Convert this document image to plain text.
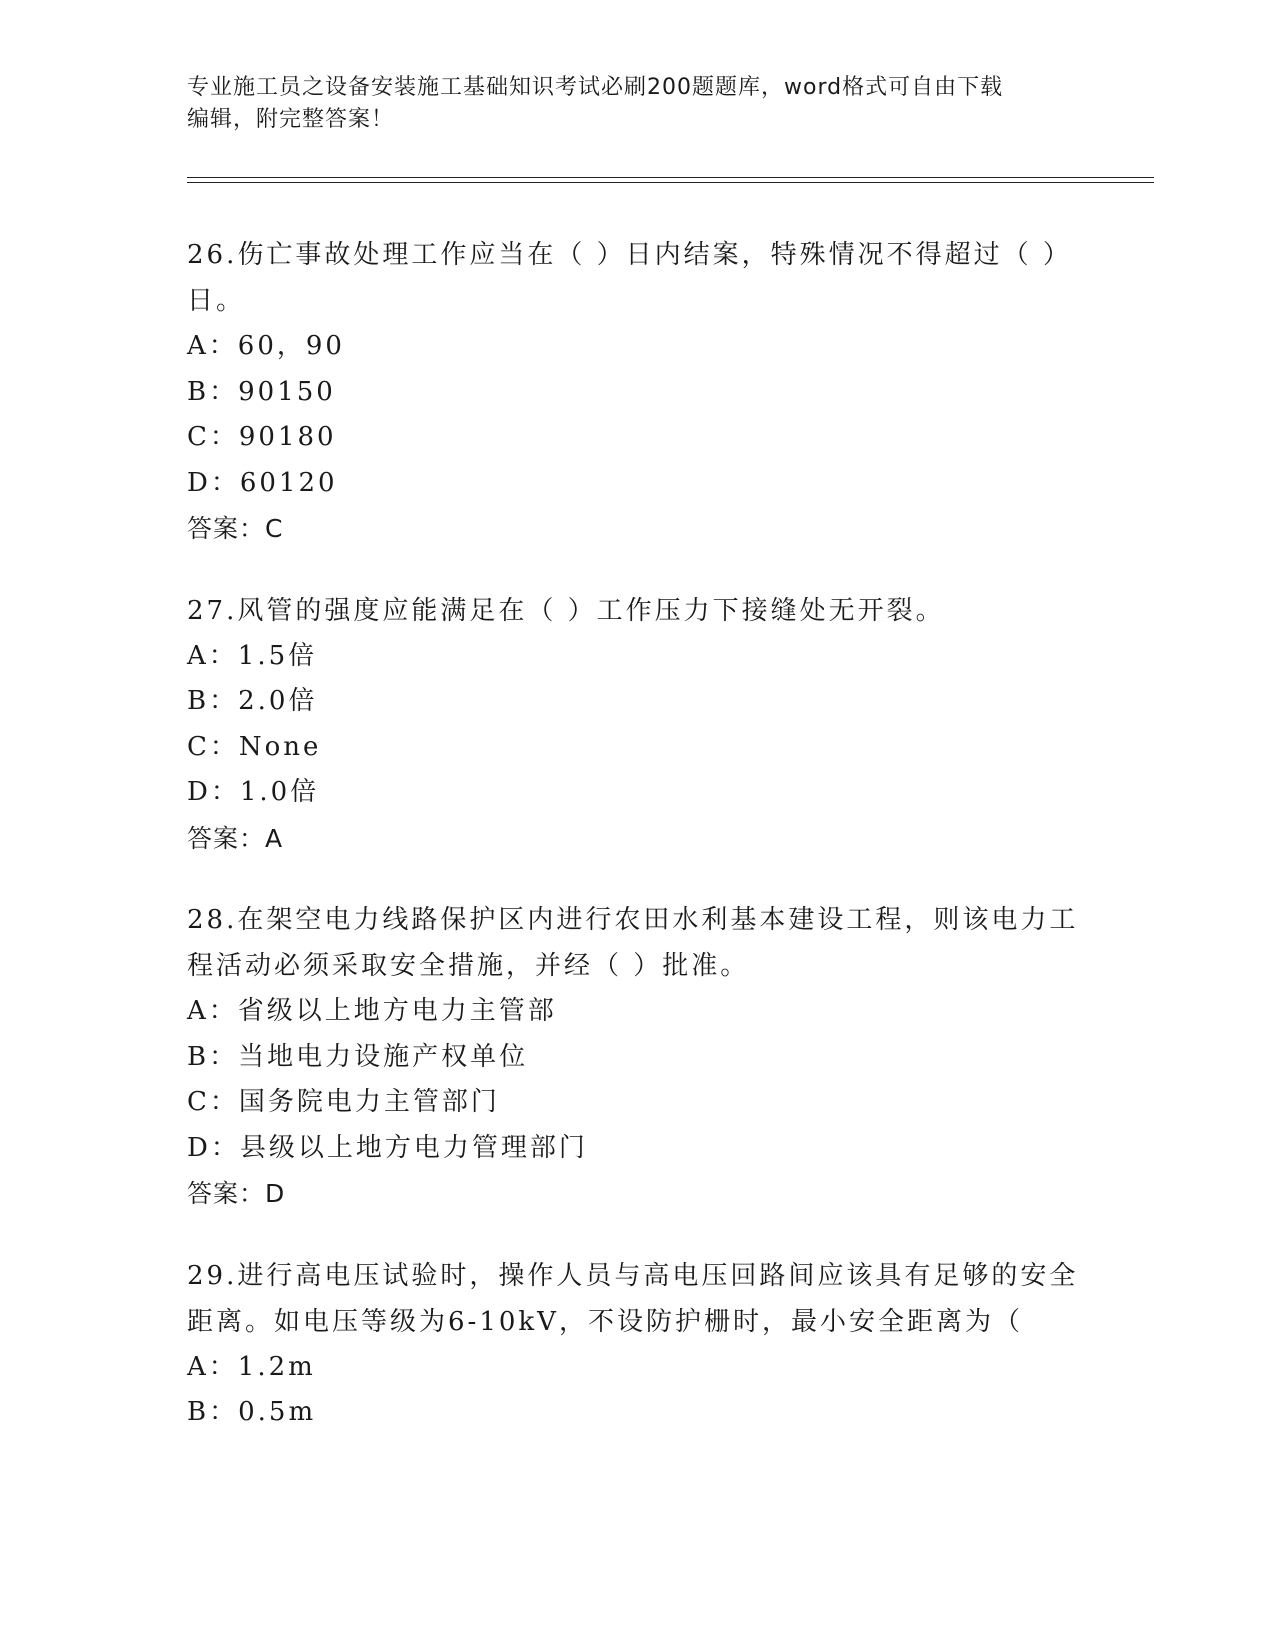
专业施工员之设备安装施工基础知识考试必刷200题题库，word格式可自由下载
编辑，附完整答案！
26.伤亡事故处理工作应当在（ ）日内结案，特殊情况不得超过（ ）
日。
A：60，90
B：90150
C：90180
D：60120
答案：C
27.风管的强度应能满足在（ ）工作压力下接缝处无开裂。
A：1.5倍
B：2.0倍
C：None
D：1.0倍
答案：A
28.在架空电力线路保护区内进行农田水利基本建设工程，则该电力工
程活动必须采取安全措施，并经（ ）批准。
A：省级以上地方电力主管部
B：当地电力设施产权单位
C：国务院电力主管部门
D：县级以上地方电力管理部门
答案：D
29.进行高电压试验时，操作人员与高电压回路间应该具有足够的安全
距离。如电压等级为6-10kV，不设防护栅时，最小安全距离为（
A：1.2m
B：0.5m
